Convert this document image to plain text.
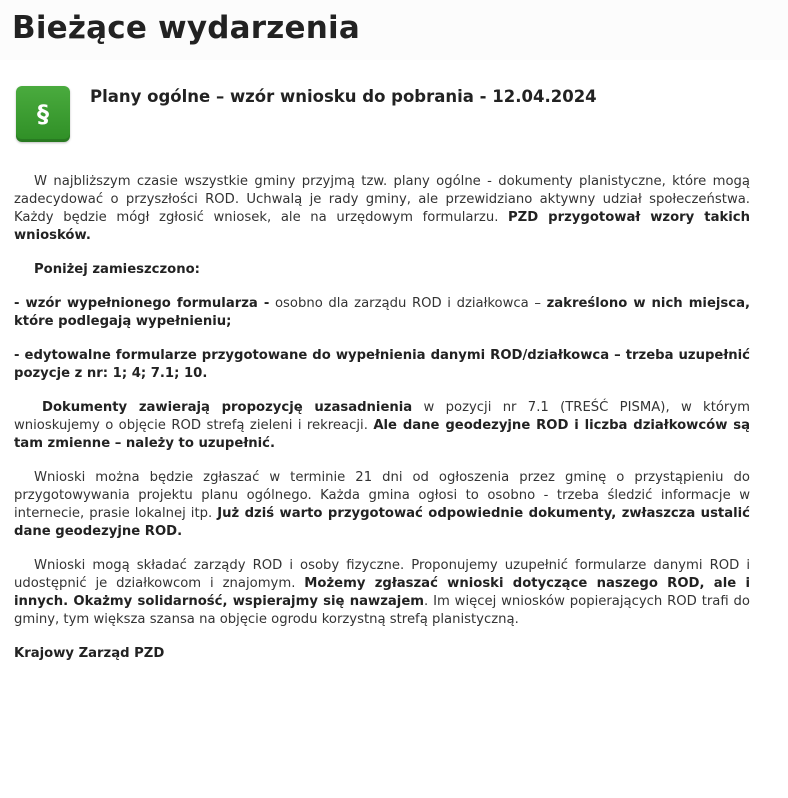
Bieżące wydarzenia
§
Plany ogólne – wzór wniosku do pobrania - 12.04.2024

W najbliższym czasie wszystkie gminy przyjmą tzw. plany ogólne - dokumenty planistyczne, które mogą zadecydować o przyszłości ROD. Uchwalą je rady gminy, ale przewidziano aktywny udział społeczeństwa. Każdy będzie mógł zgłosić wniosek, ale na urzędowym formularzu. PZD przygotował wzory takich wniosków.

Poniżej zamieszczono:

- wzór wypełnionego formularza - osobno dla zarządu ROD i działkowca – zakreślono w nich miejsca, które podlegają wypełnieniu;

- edytowalne formularze przygotowane do wypełnienia danymi ROD/działkowca – trzeba uzupełnić pozycje z nr: 1; 4; 7.1; 10.

Dokumenty zawierają propozycję uzasadnienia w pozycji nr 7.1 (TREŚĆ PISMA), w którym wnioskujemy o objęcie ROD strefą zieleni i rekreacji. Ale dane geodezyjne ROD i liczba działkowców są tam zmienne – należy to uzupełnić.

Wnioski można będzie zgłaszać w terminie 21 dni od ogłoszenia przez gminę o przystąpieniu do przygotowywania projektu planu ogólnego. Każda gmina ogłosi to osobno - trzeba śledzić informacje w internecie, prasie lokalnej itp. Już dziś warto przygotować odpowiednie dokumenty, zwłaszcza ustalić dane geodezyjne ROD.

Wnioski mogą składać zarządy ROD i osoby fizyczne. Proponujemy uzupełnić formularze danymi ROD i udostępnić je działkowcom i znajomym. Możemy zgłaszać wnioski dotyczące naszego ROD, ale i innych. Okażmy solidarność, wspierajmy się nawzajem. Im więcej wniosków popierających ROD trafi do gminy, tym większa szansa na objęcie ogrodu korzystną strefą planistyczną.

Krajowy Zarząd PZD
